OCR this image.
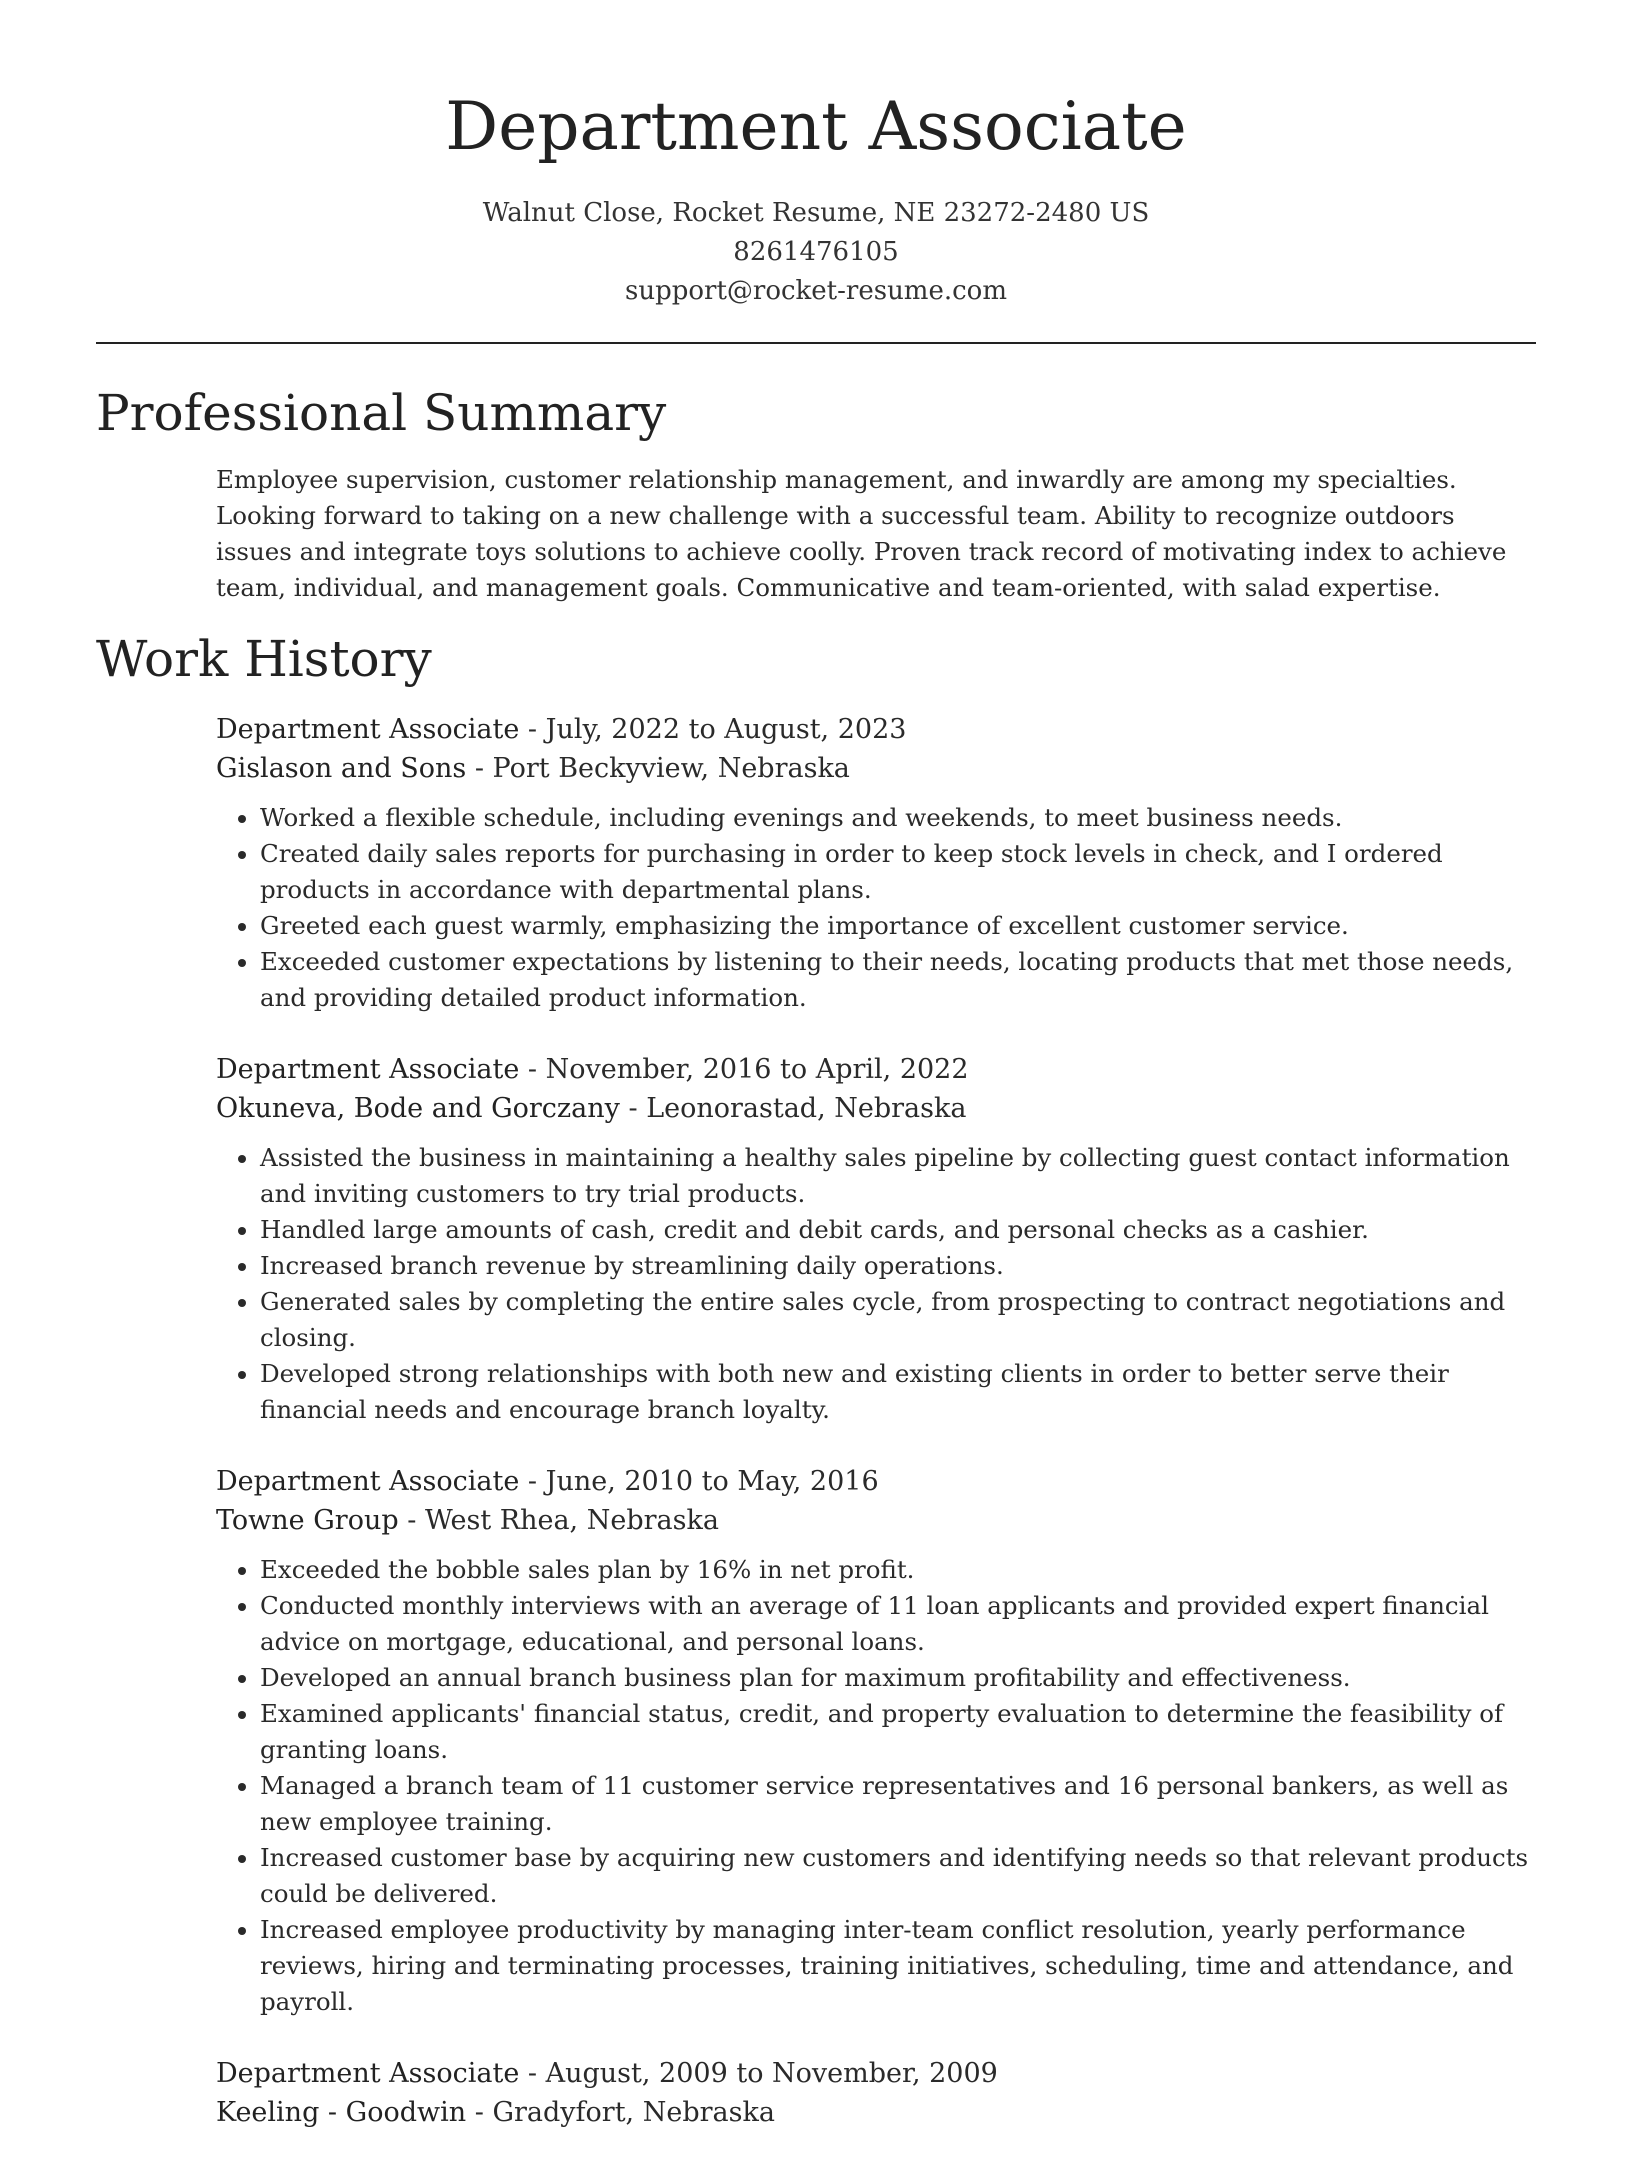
Department Associate
Walnut Close, Rocket Resume, NE 23272-2480 US
8261476105
support@rocket-resume.com
Professional Summary

Employee supervision, customer relationship management, and inwardly are among my specialties. Looking forward to taking on a new challenge with a successful team. Ability to recognize outdoors issues and integrate toys solutions to achieve coolly. Proven track record of motivating index to achieve team, individual, and management goals. Communicative and team-oriented, with salad expertise.

Work History
Department Associate - July, 2022 to August, 2023
Gislason and Sons - Port Beckyview, Nebraska
• Worked a flexible schedule, including evenings and weekends, to meet business needs.
• Created daily sales reports for purchasing in order to keep stock levels in check, and I ordered products in accordance with departmental plans.
• Greeted each guest warmly, emphasizing the importance of excellent customer service.
• Exceeded customer expectations by listening to their needs, locating products that met those needs, and providing detailed product information.
Department Associate - November, 2016 to April, 2022
Okuneva, Bode and Gorczany - Leonorastad, Nebraska
• Assisted the business in maintaining a healthy sales pipeline by collecting guest contact information and inviting customers to try trial products.
• Handled large amounts of cash, credit and debit cards, and personal checks as a cashier.
• Increased branch revenue by streamlining daily operations.
• Generated sales by completing the entire sales cycle, from prospecting to contract negotiations and closing.
• Developed strong relationships with both new and existing clients in order to better serve their financial needs and encourage branch loyalty.
Department Associate - June, 2010 to May, 2016
Towne Group - West Rhea, Nebraska
• Exceeded the bobble sales plan by 16% in net profit.
• Conducted monthly interviews with an average of 11 loan applicants and provided expert financial advice on mortgage, educational, and personal loans.
• Developed an annual branch business plan for maximum profitability and effectiveness.
• Examined applicants' financial status, credit, and property evaluation to determine the feasibility of granting loans.
• Managed a branch team of 11 customer service representatives and 16 personal bankers, as well as new employee training.
• Increased customer base by acquiring new customers and identifying needs so that relevant products could be delivered.
• Increased employee productivity by managing inter-team conflict resolution, yearly performance reviews, hiring and terminating processes, training initiatives, scheduling, time and attendance, and payroll.
Department Associate - August, 2009 to November, 2009
Keeling - Goodwin - Gradyfort, Nebraska
